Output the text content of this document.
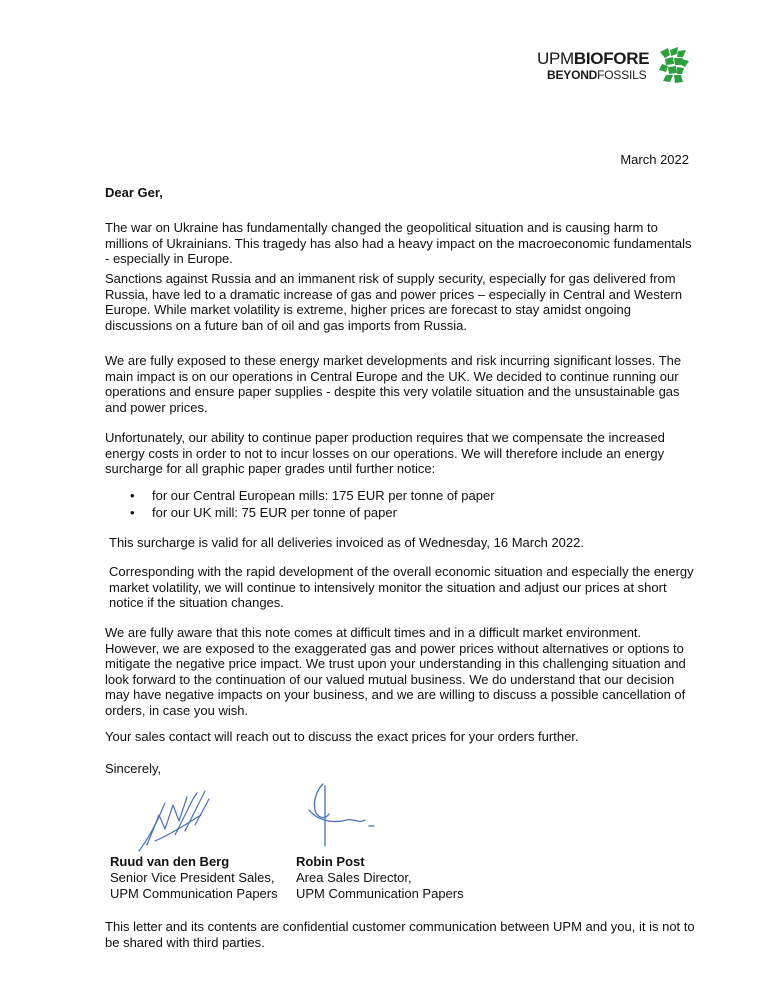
UPMBIOFORE
BEYONDFOSSILS
March 2022
Dear Ger,

The war on Ukraine has fundamentally changed the geopolitical situation and is causing harm to millions of Ukrainians. This tragedy has also had a heavy impact on the macroeconomic fundamentals - especially in Europe.

Sanctions against Russia and an immanent risk of supply security, especially for gas delivered from Russia, have led to a dramatic increase of gas and power prices – especially in Central and Western Europe. While market volatility is extreme, higher prices are forecast to stay amidst ongoing discussions on a future ban of oil and gas imports from Russia.

We are fully exposed to these energy market developments and risk incurring significant losses. The main impact is on our operations in Central Europe and the UK. We decided to continue running our operations and ensure paper supplies - despite this very volatile situation and the unsustainable gas and power prices.

Unfortunately, our ability to continue paper production requires that we compensate the increased energy costs in order to not to incur losses on our operations. We will therefore include an energy surcharge for all graphic paper grades until further notice:

• for our Central European mills: 175 EUR per tonne of paper
• for our UK mill: 75 EUR per tonne of paper

This surcharge is valid for all deliveries invoiced as of Wednesday, 16 March 2022.

Corresponding with the rapid development of the overall economic situation and especially the energy market volatility, we will continue to intensively monitor the situation and adjust our prices at short notice if the situation changes.

We are fully aware that this note comes at difficult times and in a difficult market environment. However, we are exposed to the exaggerated gas and power prices without alternatives or options to mitigate the negative price impact. We trust upon your understanding in this challenging situation and look forward to the continuation of our valued mutual business. We do understand that our decision may have negative impacts on your business, and we are willing to discuss a possible cancellation of orders, in case you wish.

Your sales contact will reach out to discuss the exact prices for your orders further.

Sincerely,

Ruud van den Berg
Senior Vice President Sales,
UPM Communication Papers
Robin Post
Area Sales Director,
UPM Communication Papers

This letter and its contents are confidential customer communication between UPM and you, it is not to be shared with third parties.
